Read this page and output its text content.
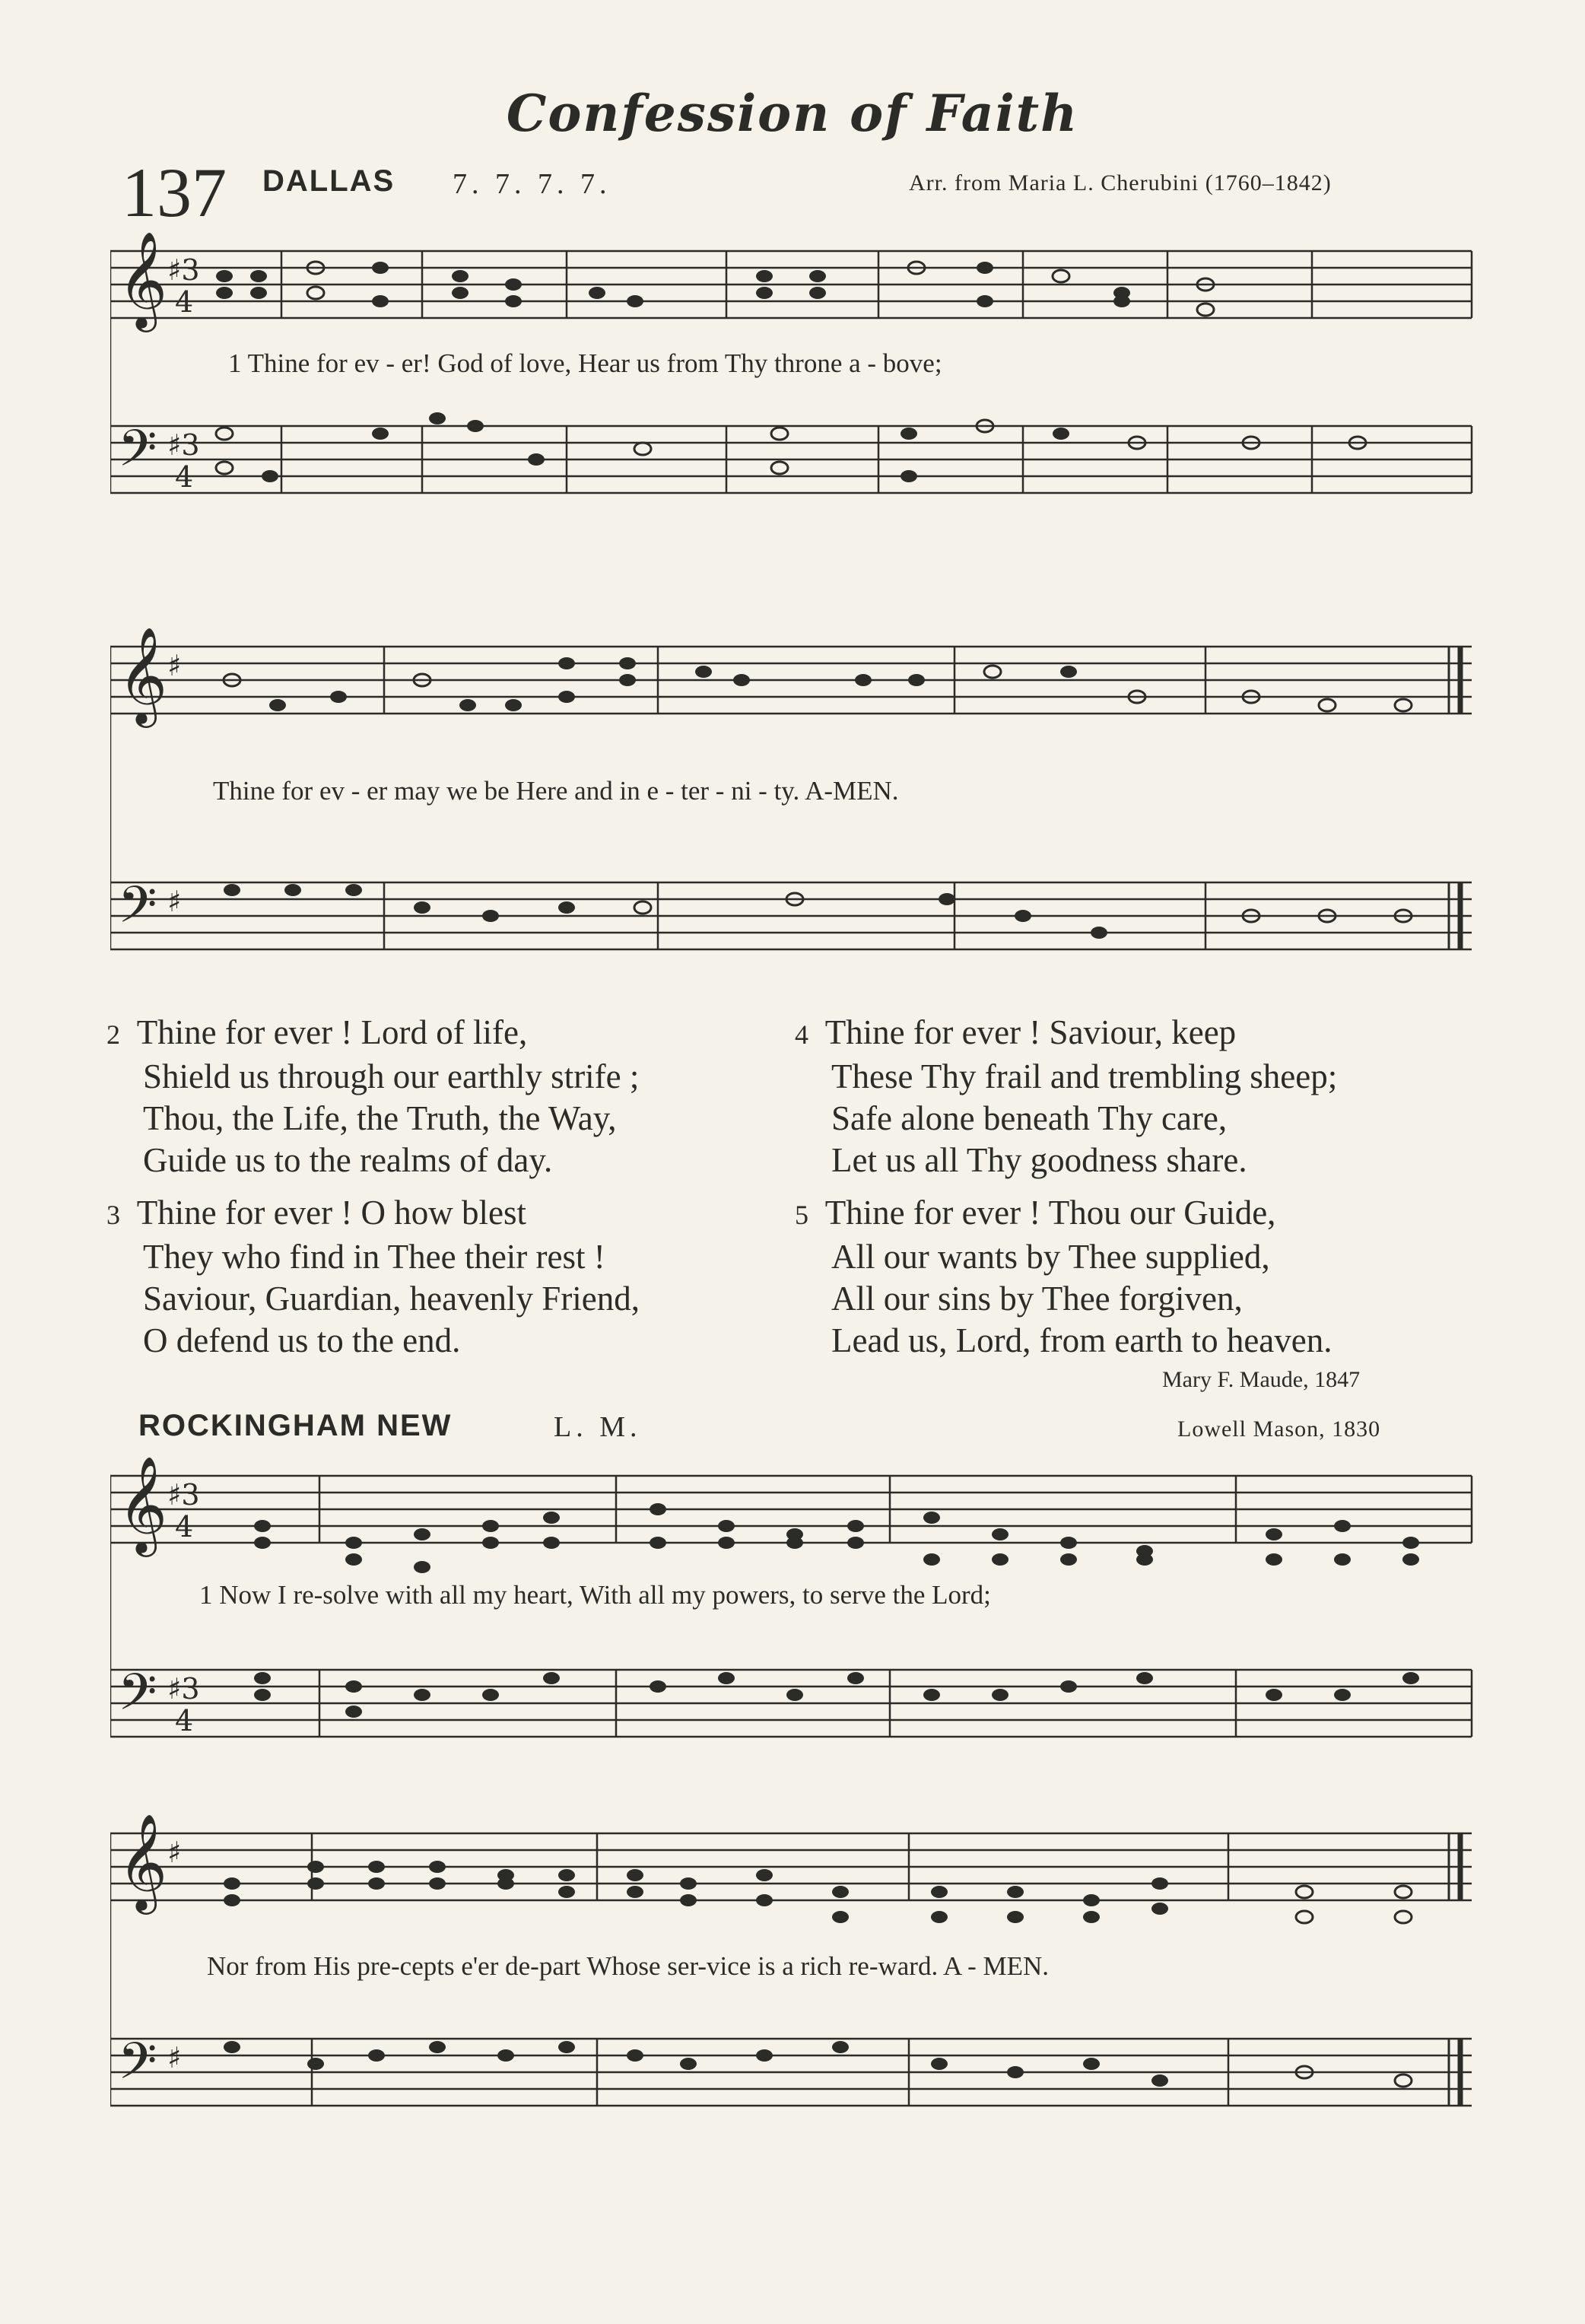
Confession of Faith
137 DALLAS 7. 7. 7. 7.	Arr. from Maria L. Cherubini (1760–1842)
𝄞
𝄢
♯3
4
♯3
4
1 Thine for ev - er! God of love, Hear us from Thy throne a - bove;
𝄞
𝄢
♯
♯
Thine for ev - er may we be Here and in e - ter - ni - ty. A-MEN.
2 Thine for ever ! Lord of life,
Shield us through our earthly strife ;
Thou, the Life, the Truth, the Way,
Guide us to the realms of day.
3 Thine for ever ! O how blest
They who find in Thee their rest !
Saviour, Guardian, heavenly Friend,
O defend us to the end.
4 Thine for ever ! Saviour, keep
These Thy frail and trembling sheep;
Safe alone beneath Thy care,
Let us all Thy goodness share.
5 Thine for ever ! Thou our Guide,
All our wants by Thee supplied,
All our sins by Thee forgiven,
Lead us, Lord, from earth to heaven.
Mary F. Maude, 1847
ROCKINGHAM NEW	L. M.	Lowell Mason, 1830
𝄞
𝄢
♯3
4
♯3
4
1 Now I re-solve with all my heart, With all my powers, to serve the Lord;
𝄞
𝄢
♯
♯
Nor from His pre-cepts e'er de-part Whose ser-vice is a rich re-ward. A - MEN.
